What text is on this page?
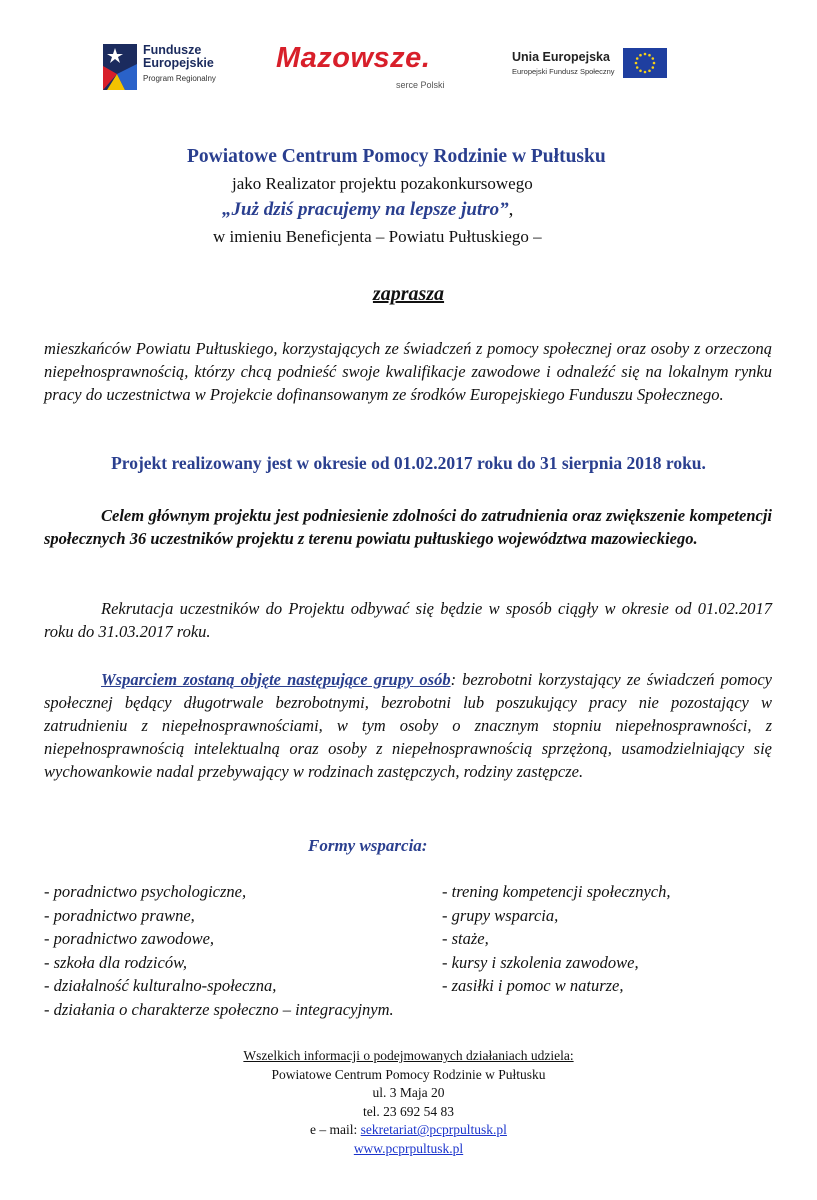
Fundusze
Europejskie
Program Regionalny
Mazowsze.
serce Polski
Unia Europejska
Europejski Fundusz Społeczny
Powiatowe Centrum Pomocy Rodzinie w Pułtusku
jako Realizator projektu pozakonkursowego
„Już dziś pracujemy na lepsze jutro”,
w imieniu Beneficjenta – Powiatu Pułtuskiego –
zaprasza
mieszkańców Powiatu Pułtuskiego, korzystających ze świadczeń z pomocy społecznej oraz osoby z orzeczoną niepełnosprawnością, którzy chcą podnieść swoje kwalifikacje zawodowe i odnaleźć się na lokalnym rynku pracy do uczestnictwa w Projekcie dofinansowanym ze środków Europejskiego Funduszu Społecznego.
Projekt realizowany jest w okresie od 01.02.2017 roku do 31 sierpnia 2018 roku.
Celem głównym projektu jest podniesienie zdolności do zatrudnienia oraz zwiększenie kompetencji społecznych 36 uczestników projektu z terenu powiatu pułtuskiego województwa mazowieckiego.
Rekrutacja uczestników do Projektu odbywać się będzie w sposób ciągły w okresie od 01.02.2017 roku do 31.03.2017 roku.
Wsparciem zostaną objęte następujące grupy osób: bezrobotni korzystający ze świadczeń pomocy społecznej będący długotrwale bezrobotnymi, bezrobotni lub poszukujący pracy nie pozostający w zatrudnieniu z niepełnosprawnościami, w tym osoby o znacznym stopniu niepełnosprawności, z niepełnosprawnością intelektualną oraz osoby z niepełnosprawnością sprzężoną, usamodzielniający się wychowankowie nadal przebywający w rodzinach zastępczych, rodziny zastępcze.
Formy wsparcia:
- poradnictwo psychologiczne,	- trening kompetencji społecznych,
- poradnictwo prawne,	- grupy wsparcia,
- poradnictwo zawodowe,	- staże,
- szkoła dla rodziców,	- kursy i szkolenia zawodowe,
- działalność kulturalno-społeczna,	- zasiłki i pomoc w naturze,
- działania o charakterze społeczno – integracyjnym.
Wszelkich informacji o podejmowanych działaniach udziela:
Powiatowe Centrum Pomocy Rodzinie w Pułtusku
ul. 3 Maja 20
tel. 23 692 54 83
e – mail: sekretariat@pcprpultusk.pl
www.pcprpultusk.pl
